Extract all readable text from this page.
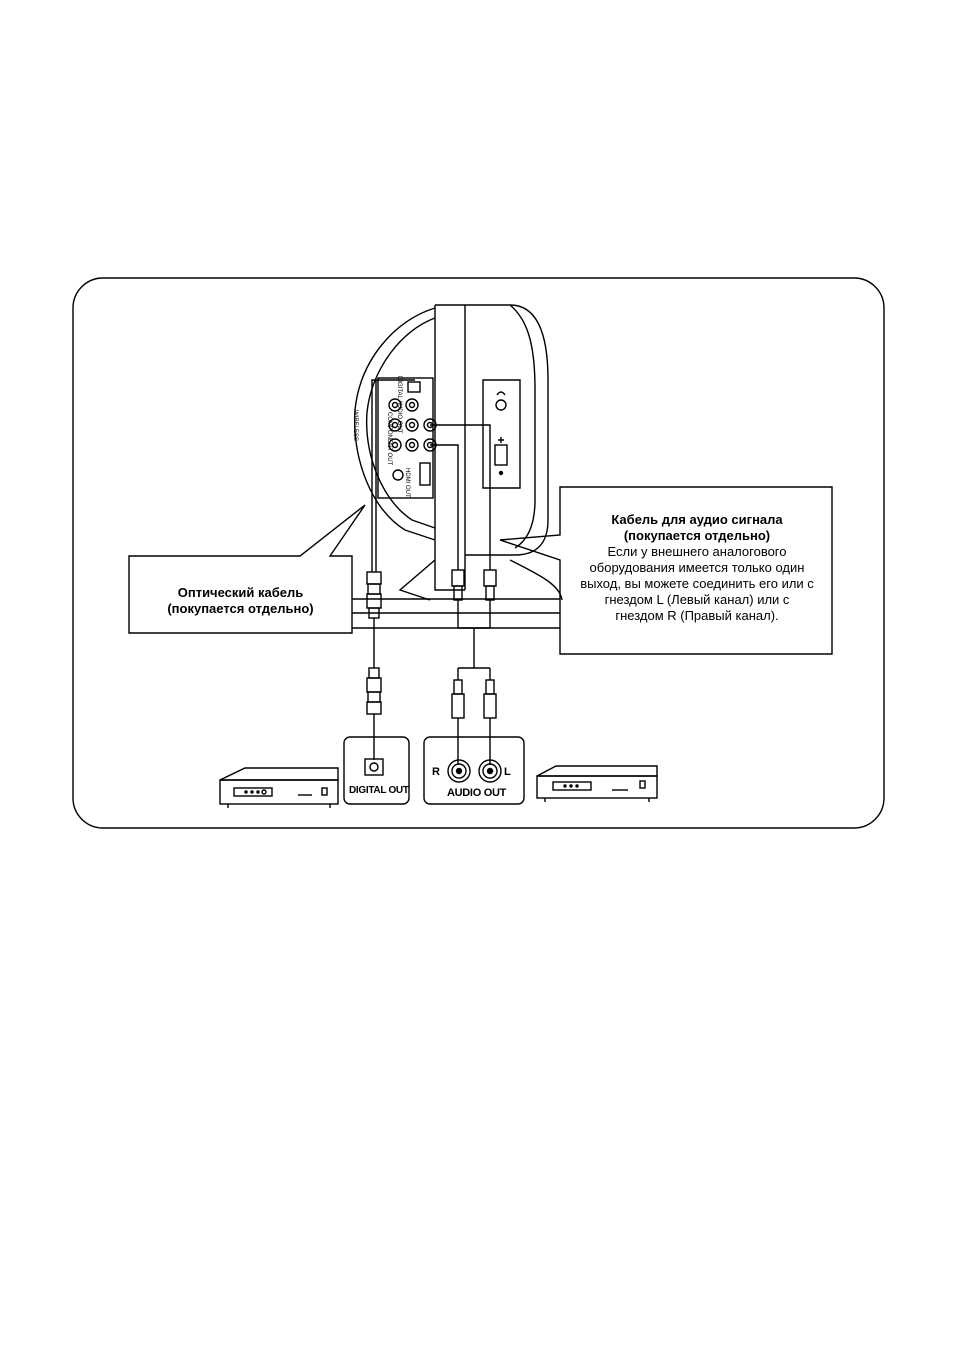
WIRELESS	COMPONENT OUT
HDMI OUT
DIGITAL AUDIO OUT
Кабель для аудио сигнала
(покупается отдельно)
Если у внешнего аналогового
оборудования имеется только один
выход, вы можете соединить его или с
гнездом L (Левый канал) или с
гнездом R (Правый канал).
Оптический кабель
(покупается отдельно)
DIGITAL OUT	AUDIO OUT
R	L
